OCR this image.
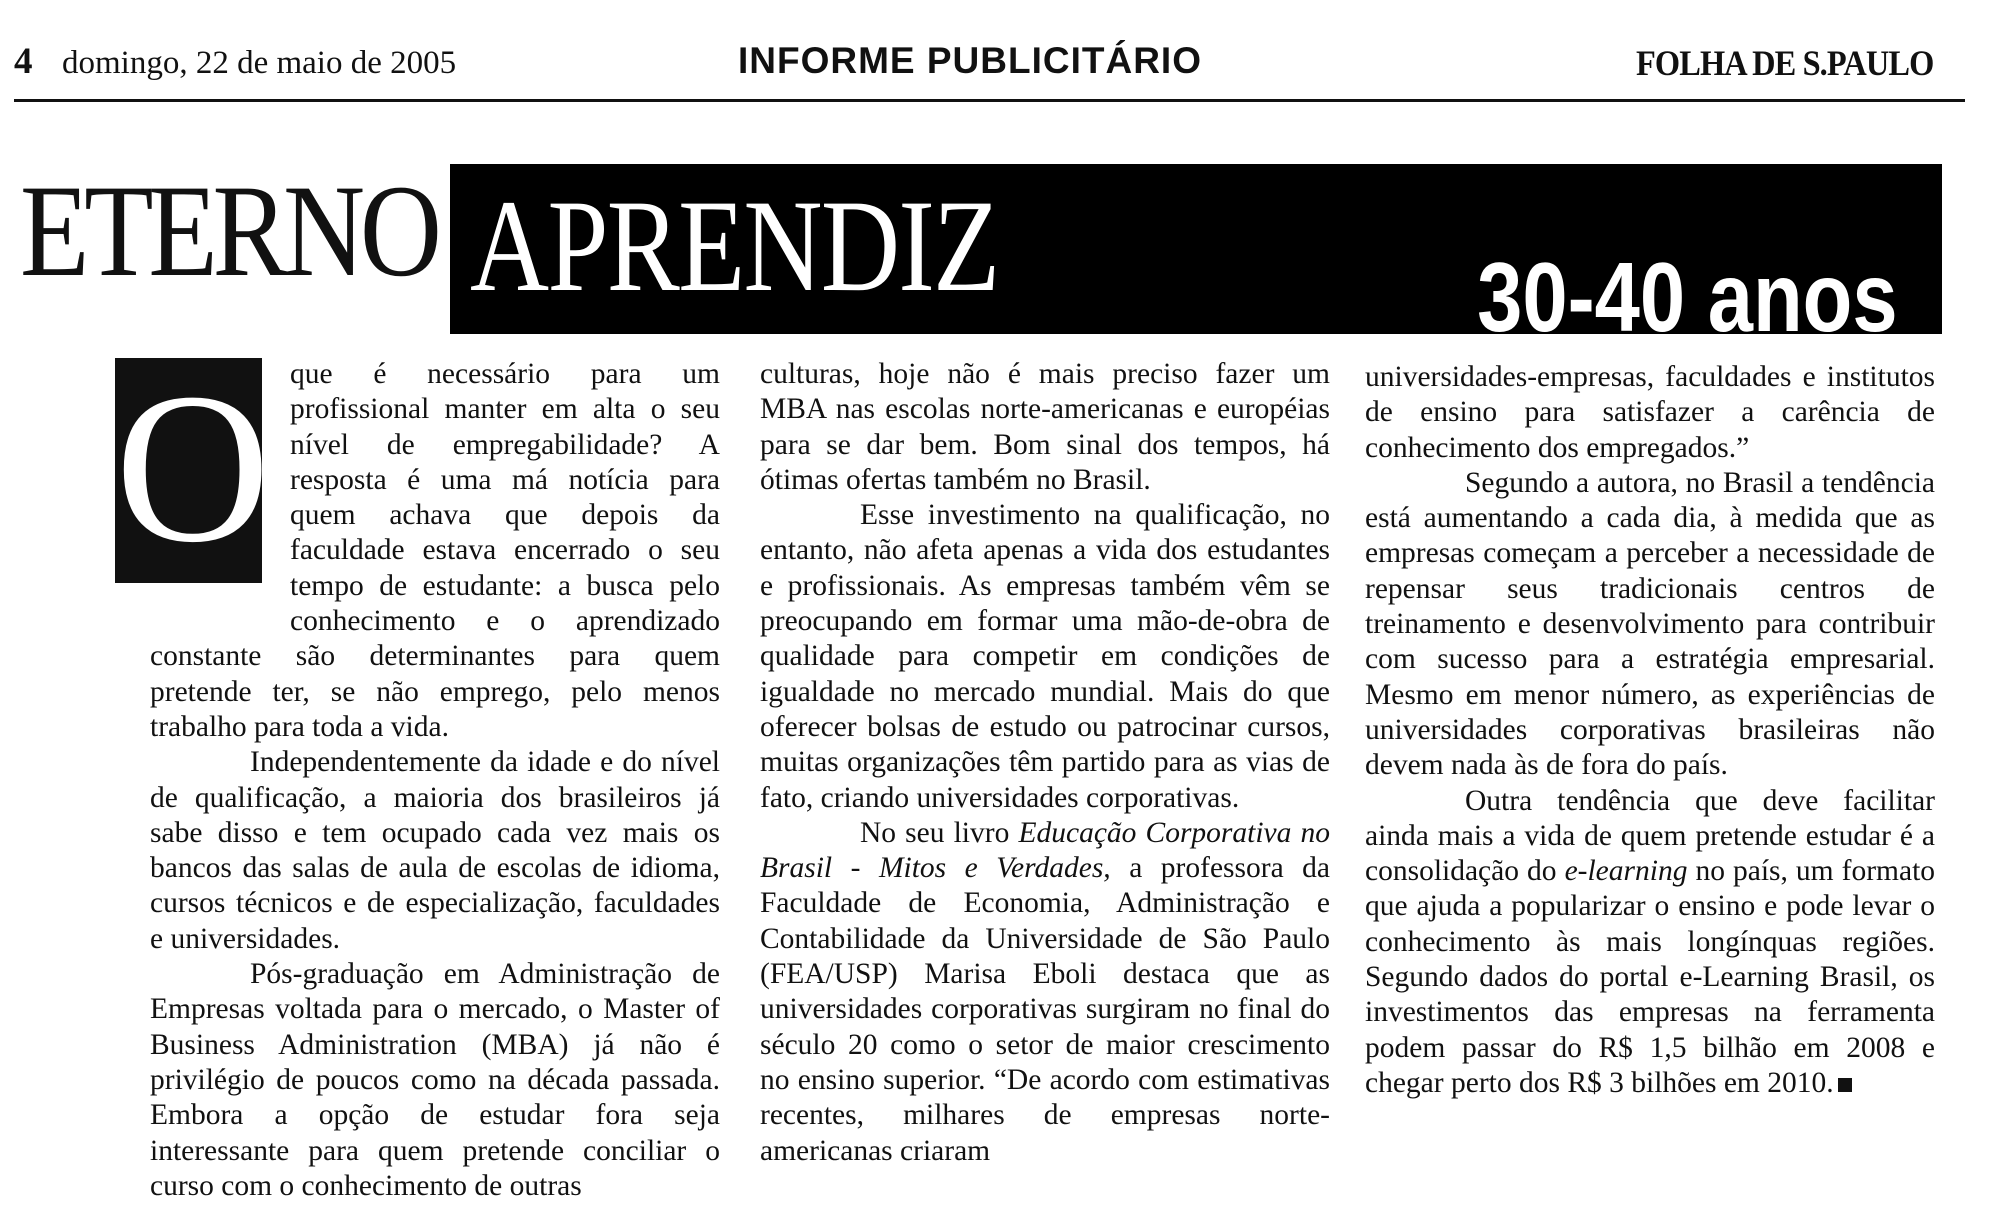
4 domingo, 22 de maio de 2005	INFORME PUBLICITÁRIO	FOLHA DE S.PAULO
ETERNO APRENDIZ	30-40 anos
O que é necessário para um profissional manter em alta o seu nível de empregabilidade? A resposta é uma má notícia para quem achava que depois da faculdade estava encerrado o seu tempo de estudante: a busca pelo conhecimento e o aprendizado constante são determinantes para quem pretende ter, se não emprego, pelo menos trabalho para toda a vida.

Independentemente da idade e do nível de qualificação, a maioria dos brasileiros já sabe disso e tem ocupado cada vez mais os bancos das salas de aula de escolas de idioma, cursos técnicos e de especialização, faculdades e universidades.

Pós-graduação em Administração de Empresas voltada para o mercado, o Master of Business Administration (MBA) já não é privilégio de poucos como na década passada. Embora a opção de estudar fora seja interessante para quem pretende conciliar o curso com o conhecimento de outras

culturas, hoje não é mais preciso fazer um MBA nas escolas norte-americanas e européias para se dar bem. Bom sinal dos tempos, há ótimas ofertas também no Brasil.

Esse investimento na qualificação, no entanto, não afeta apenas a vida dos estudantes e profissionais. As empresas também vêm se preocupando em formar uma mão-de-obra de qualidade para competir em condições de igualdade no mercado mundial. Mais do que oferecer bolsas de estudo ou patrocinar cursos, muitas organizações têm partido para as vias de fato, criando universidades corporativas.

No seu livro Educação Corporativa no Brasil - Mitos e Verdades, a professora da Faculdade de Economia, Administração e Contabilidade da Universidade de São Paulo (FEA/USP) Marisa Eboli destaca que as universidades corporativas surgiram no final do século 20 como o setor de maior crescimento no ensino superior. “De acordo com estimativas recentes, milhares de empresas norte-americanas criaram

universidades-empresas, faculdades e institutos de ensino para satisfazer a carência de conhecimento dos empregados.”

Segundo a autora, no Brasil a tendência está aumentando a cada dia, à medida que as empresas começam a perceber a necessidade de repensar seus tradicionais centros de treinamento e desenvolvimento para contribuir com sucesso para a estratégia empresarial. Mesmo em menor número, as experiências de universidades corporativas brasileiras não devem nada às de fora do país.

Outra tendência que deve facilitar ainda mais a vida de quem pretende estudar é a consolidação do e-learning no país, um formato que ajuda a popularizar o ensino e pode levar o conhecimento às mais longínquas regiões. Segundo dados do portal e-Learning Brasil, os investimentos das empresas na ferramenta podem passar do R$ 1,5 bilhão em 2008 e chegar perto dos R$ 3 bilhões em 2010.
